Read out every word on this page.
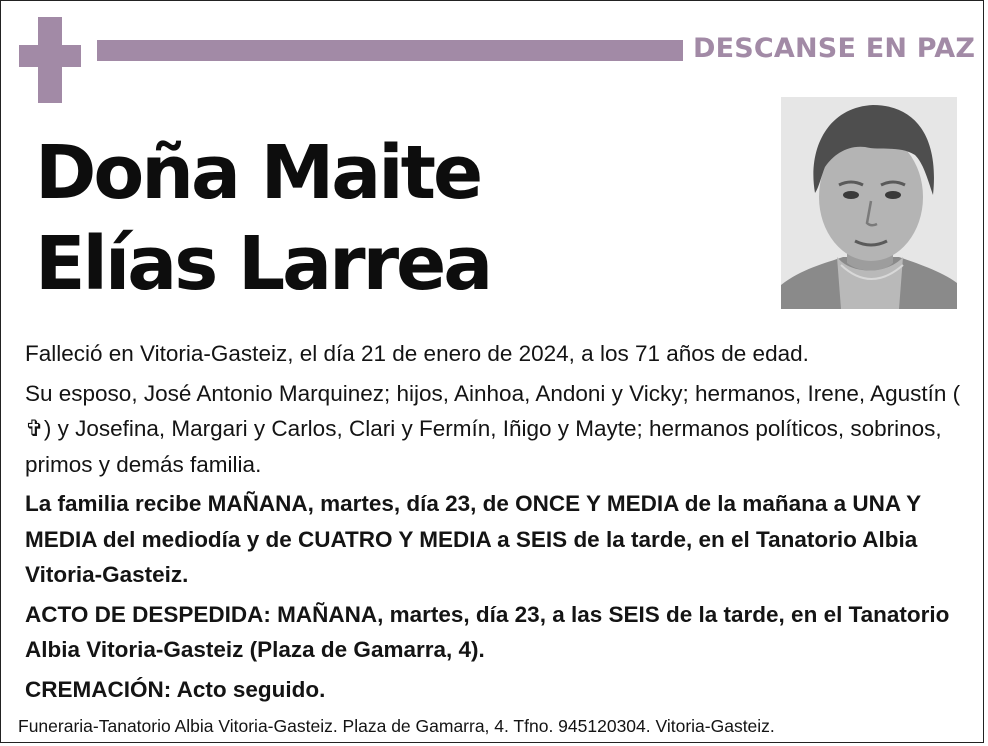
DESCANSE EN PAZ
Doña Maite
Elías Larrea

Falleció en Vitoria-Gasteiz, el día 21 de enero de 2024, a los 71 años de edad.

Su esposo, José Antonio Marquinez; hijos, Ainhoa, Andoni y Vicky; hermanos, Irene, Agustín (✞) y Josefina, Margari y Carlos, Clari y Fermín, Iñigo y Mayte; hermanos políticos, sobrinos, primos y demás familia.

La familia recibe MAÑANA, martes, día 23, de ONCE Y MEDIA de la mañana a UNA Y MEDIA del mediodía y de CUATRO Y MEDIA a SEIS de la tarde, en el Tanatorio Albia Vitoria-Gasteiz.

ACTO DE DESPEDIDA: MAÑANA, martes, día 23, a las SEIS de la tarde, en el Tanatorio Albia Vitoria-Gasteiz (Plaza de Gamarra, 4).

CREMACIÓN: Acto seguido.

Funeraria-Tanatorio Albia Vitoria-Gasteiz. Plaza de Gamarra, 4. Tfno. 945120304. Vitoria-Gasteiz.
